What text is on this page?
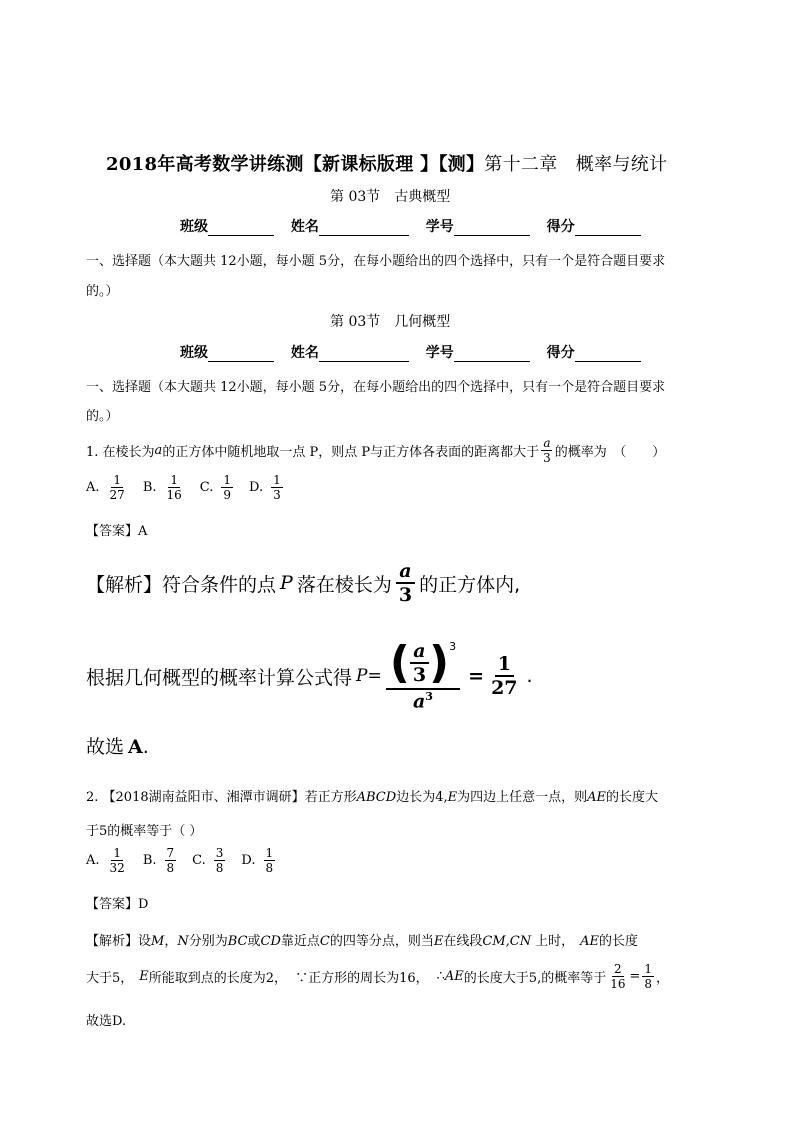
2018年高考数学讲练测【新课标版理 】【测】第十二章　概率与统计
第 03节　古典概型
班级	姓名	学号	得分
一、选择题（本大题共 12小题，每小题 5分，在每小题给出的四个选择中，只有一个是符合题目要求
的。）
第 03节　几何概型
班级	姓名	学号	得分
一、选择题（本大题共 12小题，每小题 5分，在每小题给出的四个选择中，只有一个是符合题目要求
的。）
1. 在棱长为 a 的正方体中随机地取一点 P，则点 P与正方体各表面的距离都大于 $\frac{a}{3}$ 的概率为　（　　）
A. $\frac{1}{27} B$. $\frac{1}{16} C$. $\frac{1}{9} D$. $\frac{1}{3}$
【答案】A
【解析】符合条件的点 P 落在棱长为 $\frac{a}{3}$ 的正方体内,
根据几何概型的概率计算公式得 $P= \frac{( \frac{a}{3} ) 3}{a^3} = \frac{1}{27}$ .
故选 A.
2. 【2018湖南益阳市、湘潭市调研】若正方形ABCD边长为4,E为四边上任意一点，则AE的长度大
于5的概率等于（ ）
A. $\frac{1}{32} B$. $\frac{7}{8} C$. $\frac{3}{8} D$. $\frac{1}{8}$
【答案】D
【解析】设M，N分别为BC或CD靠近点C的四等分点，则当E在线段CM,CN 上时， AE的长度
大于5， E 所能取到点的长度为2， ∵正方形的周长为16， ∴ AE 的长度大于5 ,的概率等于 $\frac{2}{16} = \frac{1}{8}$ ，
故选D.
